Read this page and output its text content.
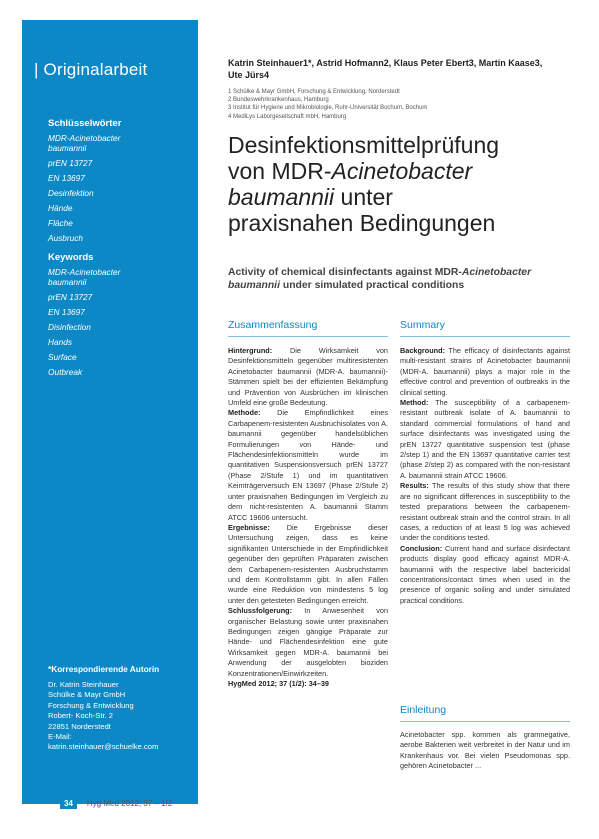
| Originalarbeit
Schlüsselwörter
MDR-Acinetobacter baumannii
prEN 13727
EN 13697
Desinfektion
Hände
Fläche
Ausbruch
Keywords
MDR-Acinetobacter baumannii
prEN 13727
EN 13697
Disinfection
Hands
Surface
Outbreak
*Korrespondierende Autorin
Dr. Katrin Steinhauer
Schülke & Mayr GmbH
Forschung & Entwicklung
Robert- Koch-Str. 2
22851 Norderstedt
E-Mail:
katrin.steinhauer@schuelke.com
34 Hyg Med 2012; 37 – 1/2
Katrin Steinhauer1*, Astrid Hofmann2, Klaus Peter Ebert3, Martin Kaase3, Ute Jürs4
1 Schülke & Mayr GmbH, Forschung & Entwicklung, Norderstedt
2 Bundeswehrkrankenhaus, Hamburg
3 Institut für Hygiene und Mikrobiologie, Ruhr-Universität Bochum, Bochum
4 MediLys Laborgesellschaft mbH, Hamburg
Desinfektionsmittelprüfung
von MDR-Acinetobacter
baumannii unter
praxisnahen Bedingungen
Activity of chemical disinfectants against MDR-Acinetobacter baumannii under simulated practical conditions
Zusammenfassung	Summary

Hintergrund: Die Wirksamkeit von Desinfektionsmitteln gegenüber multiresistenten Acinetobacter baumannii (MDR-A. baumannii)-Stämmen spielt bei der effizienten Bekämpfung und Prävention von Ausbrüchen im klinischen Umfeld eine große Bedeutung.

Methode: Die Empfindlichkeit eines Carbapenem-resistenten Ausbruchisolates von A. baumannii gegenüber handelsüblichen Formulierungen von Hände- und Flächendesinfektionsmitteln wurde im quantitativen Suspensionsversuch prEN 13727 (Phase 2/Stufe 1) und im quantitativen Keimträgerversuch EN 13697 (Phase 2/Stufe 2) unter praxisnahen Bedingungen im Vergleich zu dem nicht-resistenten A. baumannii Stamm ATCC 19606 untersucht.

Ergebnisse: Die Ergebnisse dieser Untersuchung zeigen, dass es keine signifikanten Unterschiede in der Empfindlichkeit gegenüber den geprüften Präparaten zwischen dem Carbapenem-resistenten Ausbruchstamm und dem Kontrollstamm gibt. In allen Fällen wurde eine Reduktion von mindestens 5 log unter den getesteten Bedingungen erreicht.

Schlussfolgerung: In Anwesenheit von organischer Belastung sowie unter praxisnahen Bedingungen zeigen gängige Präparate zur Hände- und Flächendesinfektion eine gute Wirksamkeit gegen MDR-A. baumannii bei Anwendung der ausgelobten bioziden Konzentrationen/Einwirkzeiten.

HygMed 2012; 37 (1/2): 34–39

Background: The efficacy of disinfectants against multi-resistant strains of Acinetobacter baumannii (MDR-A. baumannii) plays a major role in the effective control and prevention of outbreaks in the clinical setting.

Method: The susceptibility of a carbapenem-resistant outbreak isolate of A. baumannii to standard commercial formulations of hand and surface disinfectants was investigated using the prEN 13727 quantitative suspension test (phase 2/step 1) and the EN 13697 quantitative carrier test (phase 2/step 2) as compared with the non-resistant A. baumannii strain ATCC 19606.

Results: The results of this study show that there are no significant differences in susceptibility to the tested preparations between the carbapenem-resistant outbreak strain and the control strain. In all cases, a reduction of at least 5 log was achieved under the conditions tested.

Conclusion: Current hand and surface disinfectant products display good efficacy against MDR-A. baumannii with the respective label bactericidal concentrations/contact times when used in the presence of organic soiling and under simulated practical conditions.

Einleitung
Acinetobacter spp. kommen als gramnegative, aerobe Bakterien weit verbreitet in der Natur und im Krankenhaus vor. Bei vielen Pseudomonas spp. gehören Acinetobacter ...
